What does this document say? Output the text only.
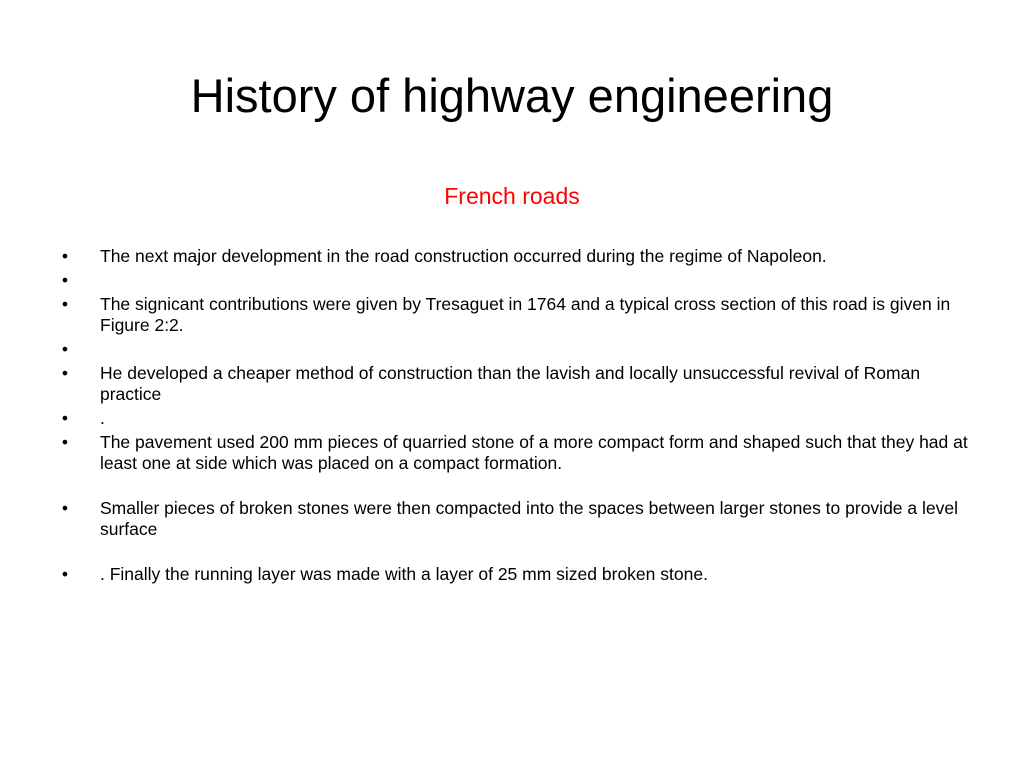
History of highway engineering
French roads
• The next major development in the road construction occurred during the regime of Napoleon.
•
• The signicant contributions were given by Tresaguet in 1764 and a typical cross section of this road is given in Figure 2:2.
•
• He developed a cheaper method of construction than the lavish and locally unsuccessful revival of Roman practice
• .
• The pavement used 200 mm pieces of quarried stone of a more compact form and shaped such that they had at least one at side which was placed on a compact formation.
• Smaller pieces of broken stones were then compacted into the spaces between larger stones to provide a level surface
• . Finally the running layer was made with a layer of 25 mm sized broken stone.
